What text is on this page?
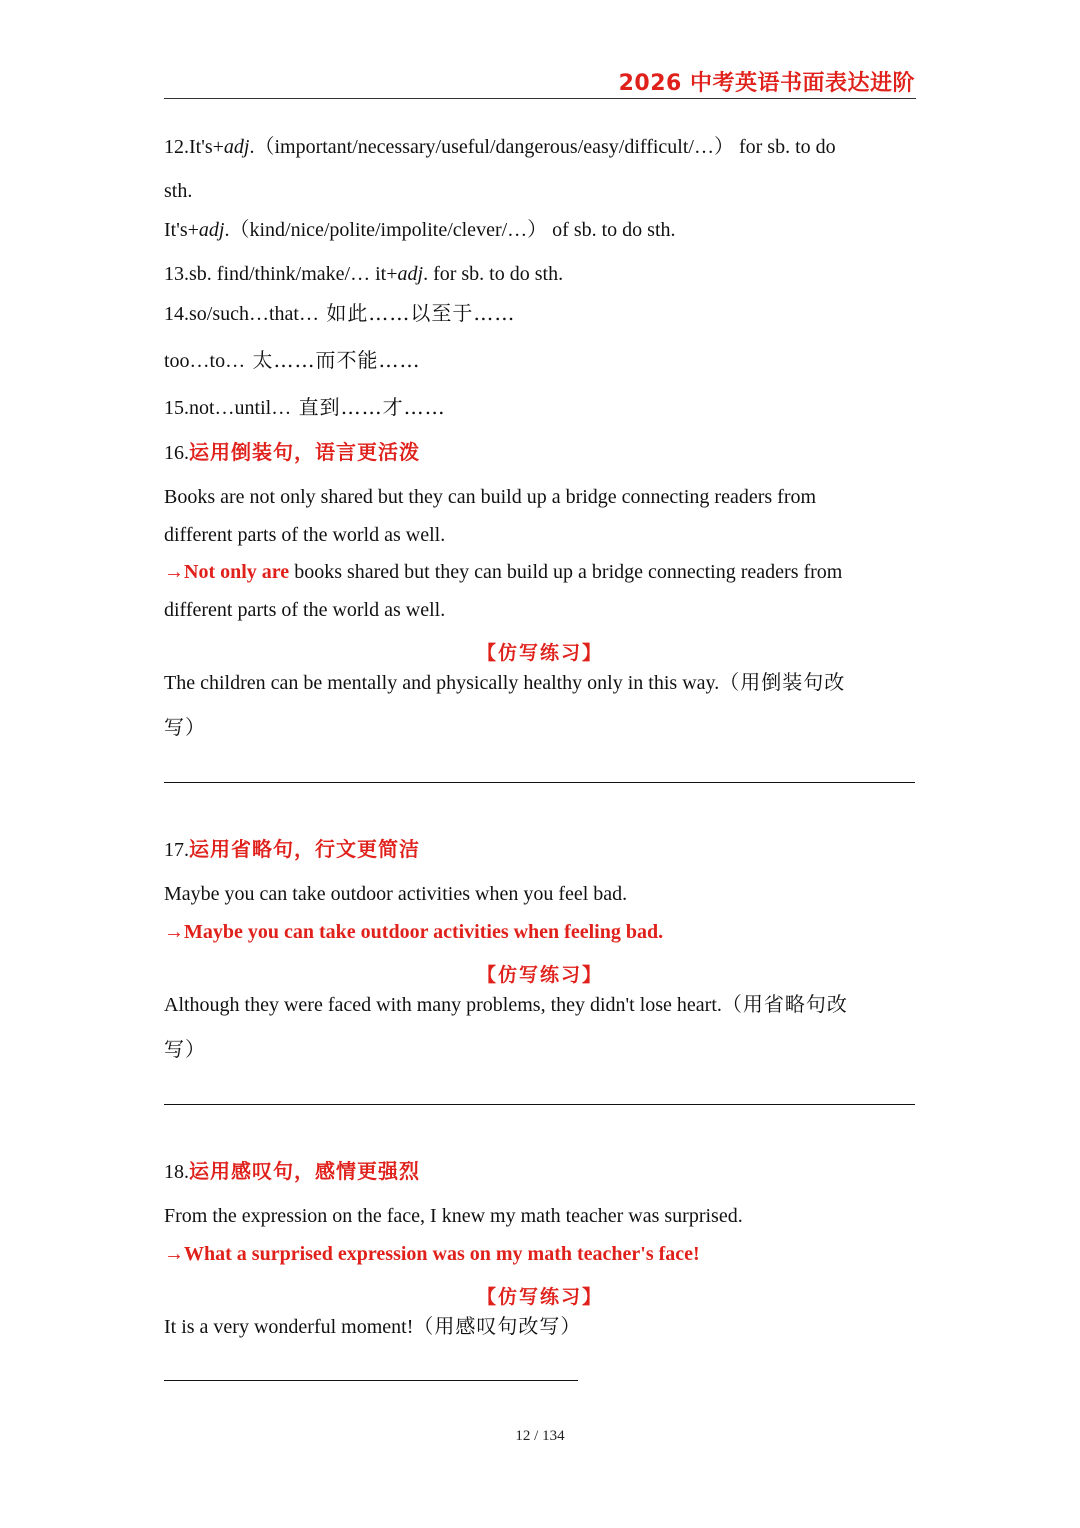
2026 中考英语书面表达进阶
12.It's+adj.（important/necessary/useful/dangerous/easy/difficult/…） for sb. to do
sth.
It's+adj.（kind/nice/polite/impolite/clever/…） of sb. to do sth.
13.sb. find/think/make/… it+adj. for sb. to do sth.
14.so/such…that… 如此……以至于……
too…to… 太……而不能……
15.not…until… 直到……才……
16.运用倒装句，语言更活泼
Books are not only shared but they can build up a bridge connecting readers from
different parts of the world as well.
→Not only are books shared but they can build up a bridge connecting readers from
different parts of the world as well.
【仿写练习】
The children can be mentally and physically healthy only in this way.（用倒装句改
写）
17.运用省略句，行文更简洁
Maybe you can take outdoor activities when you feel bad.
→Maybe you can take outdoor activities when feeling bad.
【仿写练习】
Although they were faced with many problems, they didn't lose heart.（用省略句改
写）
18.运用感叹句，感情更强烈
From the expression on the face, I knew my math teacher was surprised.
→What a surprised expression was on my math teacher's face!
【仿写练习】
It is a very wonderful moment!（用感叹句改写）
12 / 134
